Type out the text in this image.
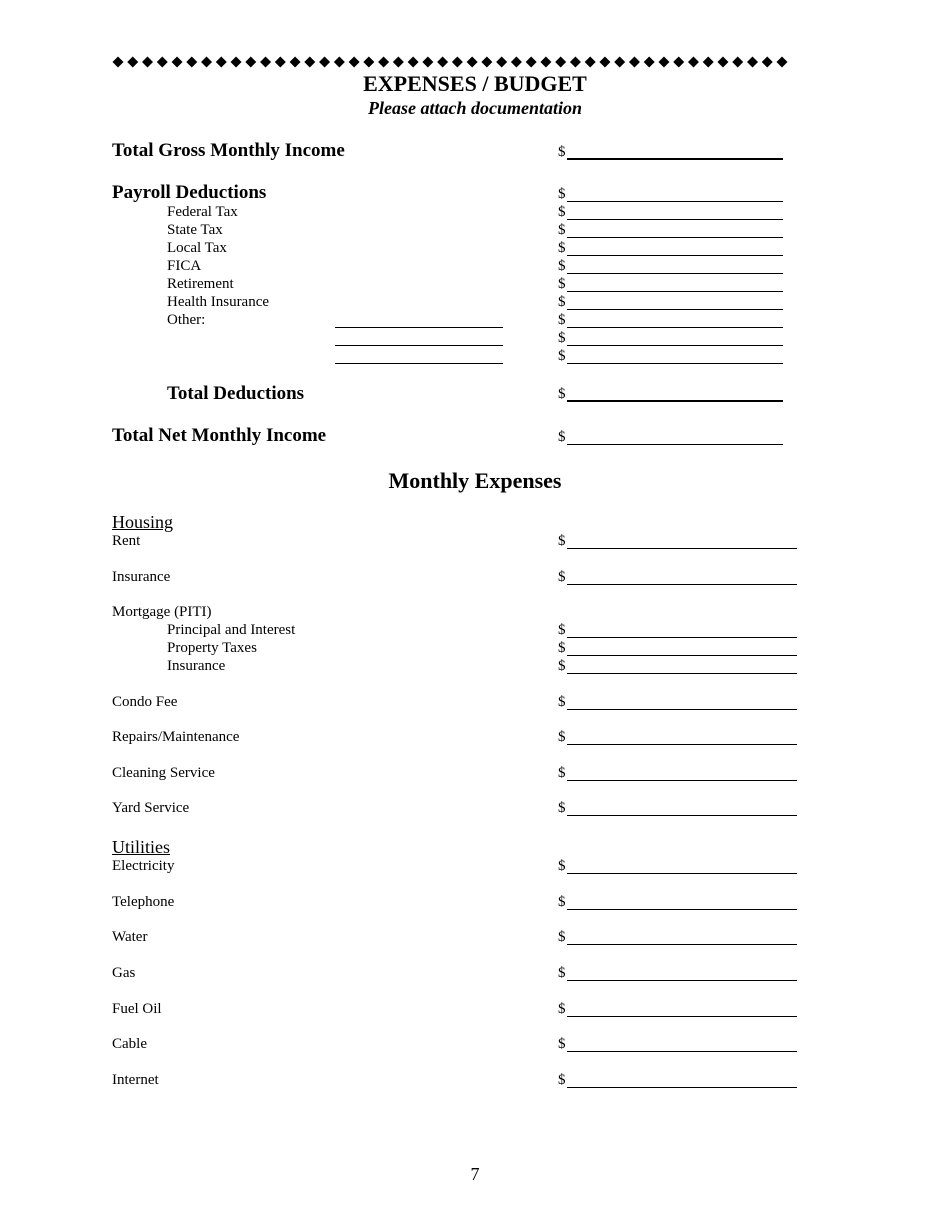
EXPENSES / BUDGET
Please attach documentation
Total Gross Monthly Income	$
Payroll Deductions	$
Federal Tax	$
State Tax	$
Local Tax	$
FICA	$
Retirement	$
Health Insurance	$
Other:	$
$
$
Total Deductions	$
Total Net Monthly Income	$
Monthly Expenses
Housing
Rent	$
Insurance	$
Mortgage (PITI)
Principal and Interest	$
Property Taxes	$
Insurance	$
Condo Fee	$
Repairs/Maintenance	$
Cleaning Service	$
Yard Service	$
Utilities
Electricity	$
Telephone	$
Water	$
Gas	$
Fuel Oil	$
Cable	$
Internet	$
7
